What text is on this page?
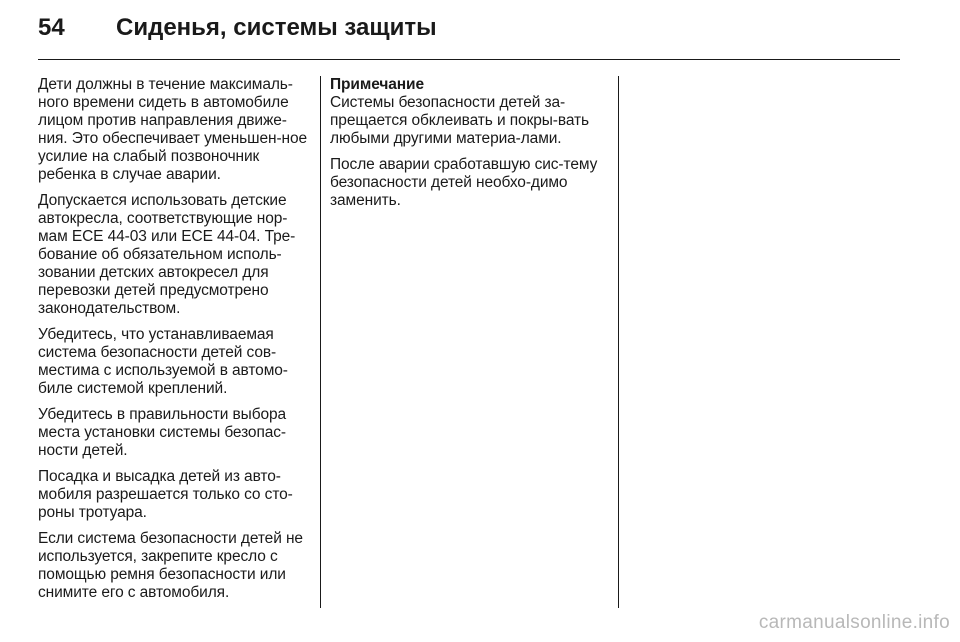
54	Сиденья, системы защиты

Дети должны в течение максималь-ного времени сидеть в автомобиле лицом против направления движе-ния. Это обеспечивает уменьшен-ное усилие на слабый позвоночник ребенка в случае аварии.

Допускается использовать детские автокресла, соответствующие нор-мам ЕСЕ 44-03 или ЕСЕ 44-04. Тре-бование об обязательном исполь-зовании детских автокресел для перевозки детей предусмотрено законодательством.

Убедитесь, что устанавливаемая система безопасности детей сов-местима с используемой в автомо-биле системой креплений.

Убедитесь в правильности выбора места установки системы безопас-ности детей.

Посадка и высадка детей из авто-мобиля разрешается только со сто-роны тротуара.

Если система безопасности детей не используется, закрепите кресло с помощью ремня безопасности или снимите его с автомобиля.

Примечание

Системы безопасности детей за-прещается обклеивать и покры-вать любыми другими материа-лами.

После аварии сработавшую сис-тему безопасности детей необхо-димо заменить.

carmanualsonline.info
